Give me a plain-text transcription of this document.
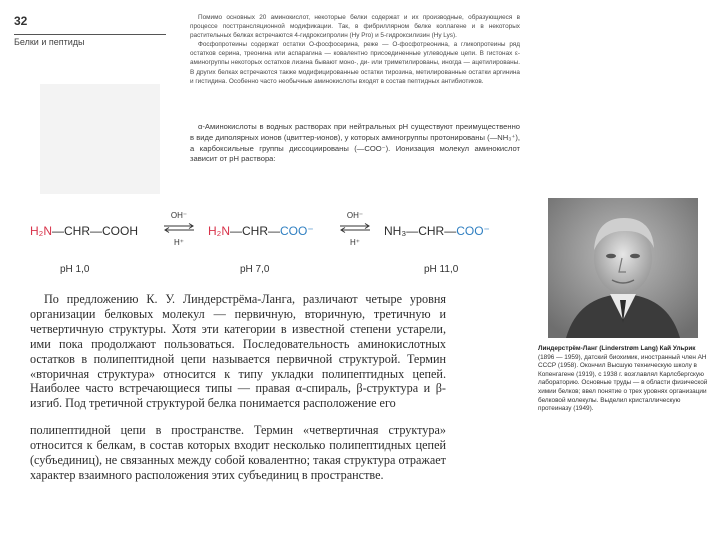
32
Белки и пептиды

Помимо основных 20 аминокислот, некоторые белки содержат и их производные, образующиеся в процессе посттрансляционной модификации. Так, в фибриллярном белке коллагене и в некоторых растительных белках встречаются 4-гидроксипролин (Hy Pro) и 5-гидроксилизин (Hy Lys).

Фосфопротеины содержат остатки О-фосфосерина, реже — О-фосфотреонина, а гликопротеины ряд остатков серина, треонина или аспарагина — ковалентно присоединенные углеводные цепи. В гистонах ε-аминогруппы некоторых остатков лизина бывают моно-, ди- или триметилированы, иногда — ацетилированы. В других белках встречаются также модифицированные остатки тирозина, метилированные остатки аргинина и гистидина. Особенно часто необычные аминокислоты входят в состав пептидных антибиотиков.

α-Аминокислоты в водных растворах при нейтральных pH существуют преимущественно в виде диполярных ионов (цвиттер-ионов), у которых аминогруппы протонированы (—NH₃⁺), а карбоксильные группы диссоциированы (—COO⁻). Ионизация молекул аминокислот зависит от pH раствора:
H₂N—CHR—COOH
OH⁻
H⁺
H₂N—CHR—COO⁻
OH⁻
H⁺
NH₃—CHR—COO⁻
pH 1,0	pH 7,0	pH 11,0

По предложению К. У. Линдерстрёма-Ланга, различают четыре уровня организации белковых молекул — первичную, вторичную, третичную и четвертичную структуры. Хотя эти категории в известной степени устарели, ими пока продолжают пользоваться. Последовательность аминокислотных остатков в полипептидной цепи называется первичной структурой. Термин «вторичная структура» относится к типу укладки полипептидных цепей. Наиболее часто встречающиеся типы — правая α-спираль, β-структура и β-изгиб. Под третичной структурой белка понимается расположение его

полипептидной цепи в пространстве. Термин «четвертичная структура» относится к белкам, в состав которых входит несколько полипептидных цепей (субъединиц), не связанных между собой ковалентно; такая структура отражает характер взаимного расположения этих субъединиц в пространстве.

Линдерстрём-Ланг (Linderstrøm Lang) Кай Ульрик (1896 — 1959), датский биохимик, иностранный член АН СССР (1958). Окончил Высшую техническую школу в Копенгагене (1919), с 1938 г. возглавлял Карлсбергскую лабораторию. Основные труды — в области физической химии белков; ввел понятие о трех уровнях организации белковой молекулы. Выделил кристаллическую протеиназу (1949).
